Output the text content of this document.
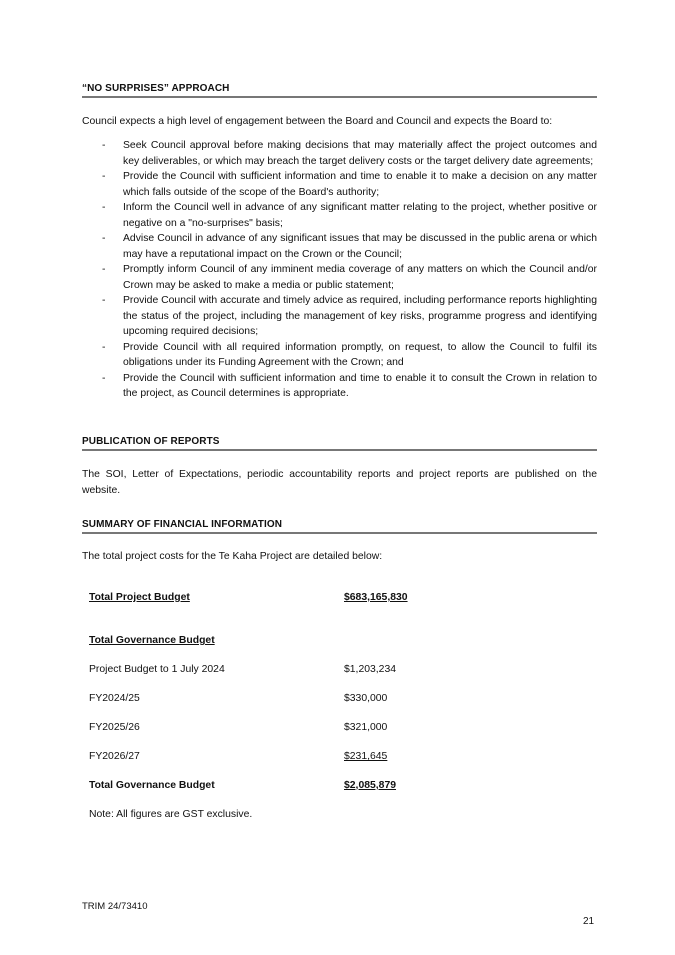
“NO SURPRISES” APPROACH
Council expects a high level of engagement between the Board and Council and expects the Board to:
- Seek Council approval before making decisions that may materially affect the project outcomes and key deliverables, or which may breach the target delivery costs or the target delivery date agreements;
- Provide the Council with sufficient information and time to enable it to make a decision on any matter which falls outside of the scope of the Board's authority;
- Inform the Council well in advance of any significant matter relating to the project, whether positive or negative on a "no-surprises" basis;
- Advise Council in advance of any significant issues that may be discussed in the public arena or which may have a reputational impact on the Crown or the Council;
- Promptly inform Council of any imminent media coverage of any matters on which the Council and/or Crown may be asked to make a media or public statement;
- Provide Council with accurate and timely advice as required, including performance reports highlighting the status of the project, including the management of key risks, programme progress and identifying upcoming required decisions;
- Provide Council with all required information promptly, on request, to allow the Council to fulfil its obligations under its Funding Agreement with the Crown; and
- Provide the Council with sufficient information and time to enable it to consult the Crown in relation to the project, as Council determines is appropriate.
PUBLICATION OF REPORTS
The SOI, Letter of Expectations, periodic accountability reports and project reports are published on the website.
SUMMARY OF FINANCIAL INFORMATION
The total project costs for the Te Kaha Project are detailed below:
Total Project Budget	$683,165,830
Total Governance Budget
Project Budget to 1 July 2024	$1,203,234
FY2024/25	$330,000
FY2025/26	$321,000
FY2026/27	$231,645
Total Governance Budget	$2,085,879
Note: All figures are GST exclusive.
TRIM 24/73410
21
